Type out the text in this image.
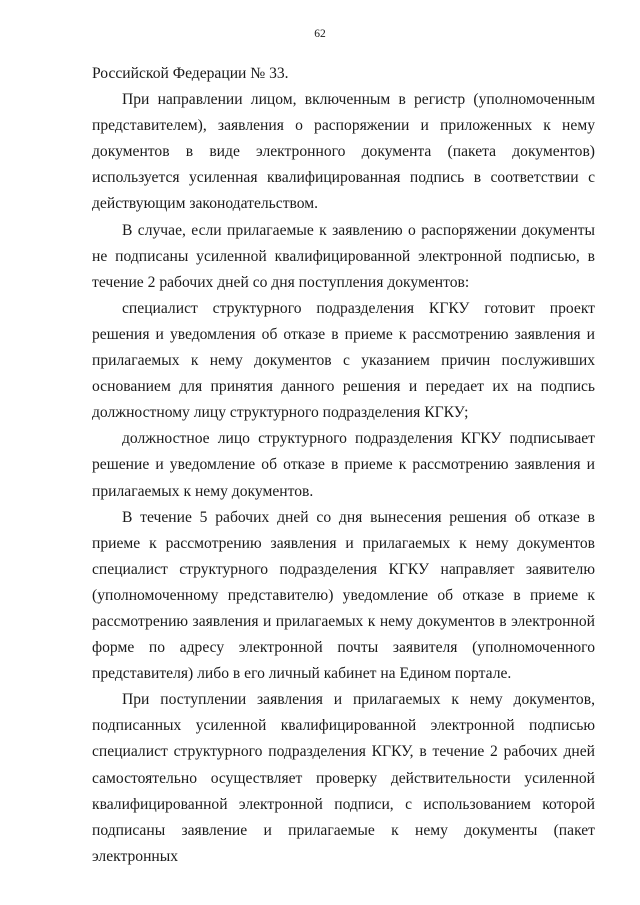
62

Российской Федерации № 33.

При направлении лицом, включенным в регистр (уполномоченным представителем), заявления о распоряжении и приложенных к нему документов в виде электронного документа (пакета документов) используется усиленная квалифицированная подпись в соответствии с действующим законодательством.

В случае, если прилагаемые к заявлению о распоряжении документы не подписаны усиленной квалифицированной электронной подписью, в течение 2 рабочих дней со дня поступления документов:

специалист структурного подразделения КГКУ готовит проект решения и уведомления об отказе в приеме к рассмотрению заявления и прилагаемых к нему документов с указанием причин послуживших основанием для принятия данного решения и передает их на подпись должностному лицу структурного подразделения КГКУ;

должностное лицо структурного подразделения КГКУ подписывает решение и уведомление об отказе в приеме к рассмотрению заявления и прилагаемых к нему документов.

В течение 5 рабочих дней со дня вынесения решения об отказе в приеме к рассмотрению заявления и прилагаемых к нему документов специалист структурного подразделения КГКУ направляет заявителю (уполномоченному представителю) уведомление об отказе в приеме к рассмотрению заявления и прилагаемых к нему документов в электронной форме по адресу электронной почты заявителя (уполномоченного представителя) либо в его личный кабинет на Едином портале.

При поступлении заявления и прилагаемых к нему документов, подписанных усиленной квалифицированной электронной подписью специалист структурного подразделения КГКУ, в течение 2 рабочих дней самостоятельно осуществляет проверку действительности усиленной квалифицированной электронной подписи, с использованием которой подписаны заявление и прилагаемые к нему документы (пакет электронных
